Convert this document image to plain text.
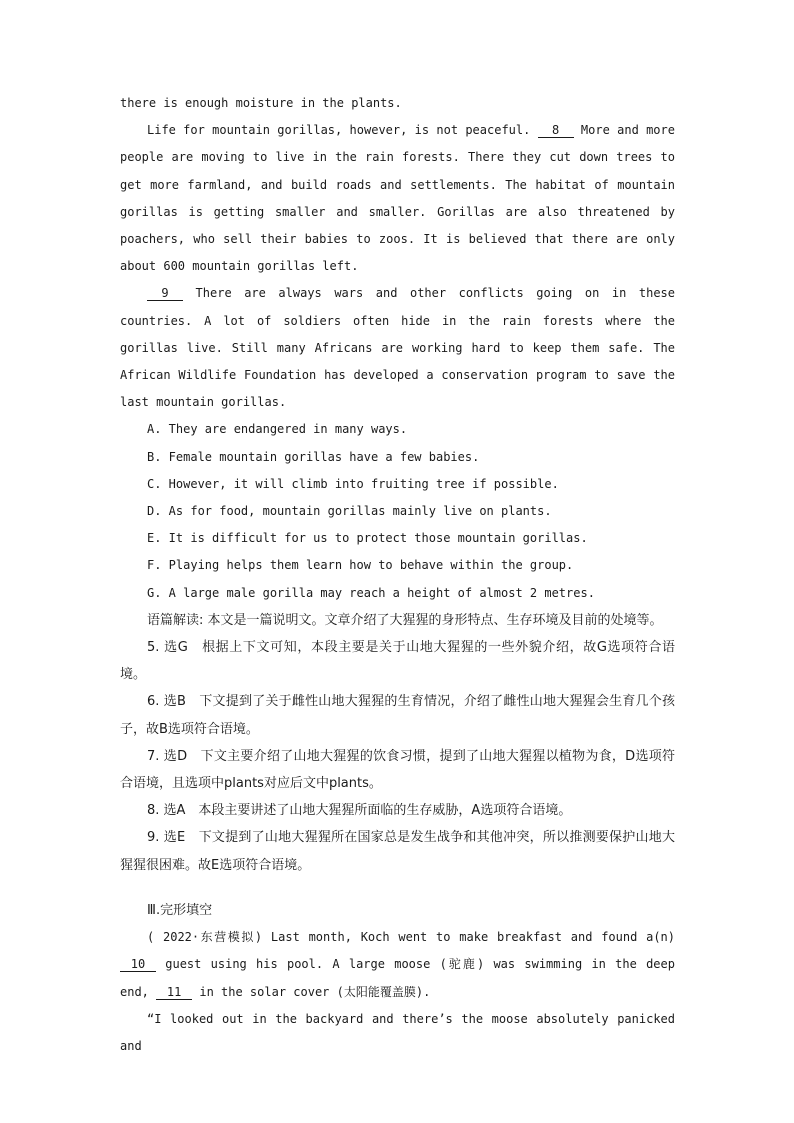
there is enough moisture in the plants.

Life for mountain gorillas, however, is not peaceful. 8 More and more people are moving to live in the rain forests. There they cut down trees to get more farmland, and build roads and settlements. The habitat of mountain gorillas is getting smaller and smaller. Gorillas are also threatened by poachers, who sell their babies to zoos. It is believed that there are only about 600 mountain gorillas left.

9 There are always wars and other conflicts going on in these countries. A lot of soldiers often hide in the rain forests where the gorillas live. Still many Africans are working hard to keep them safe. The African Wildlife Foundation has developed a conservation program to save the last mountain gorillas.

A. They are endangered in many ways.

B. Female mountain gorillas have a few babies.

C. However, it will climb into fruiting tree if possible.

D. As for food, mountain gorillas mainly live on plants.

E. It is difficult for us to protect those mountain gorillas.

F. Playing helps them learn how to behave within the group.

G. A large male gorilla may reach a height of almost 2 metres.

语篇解读: 本文是一篇说明文。文章介绍了大猩猩的身形特点、生存环境及目前的处境等。

5. 选G　根据上下文可知，本段主要是关于山地大猩猩的一些外貌介绍，故G选项符合语境。

6. 选B　下文提到了关于雌性山地大猩猩的生育情况，介绍了雌性山地大猩猩会生育几个孩子，故B选项符合语境。

7. 选D　下文主要介绍了山地大猩猩的饮食习惯，提到了山地大猩猩以植物为食，D选项符合语境，且选项中plants对应后文中plants。

8. 选A　本段主要讲述了山地大猩猩所面临的生存威胁，A选项符合语境。

9. 选E　下文提到了山地大猩猩所在国家总是发生战争和其他冲突，所以推测要保护山地大猩猩很困难。故E选项符合语境。

Ⅲ.完形填空

( 2022·东营模拟) Last month, Koch went to make breakfast and found a(n) 10 guest using his pool. A large moose (驼鹿) was swimming in the deep end, 11 in the solar cover (太阳能覆盖膜).

“I looked out in the backyard and there’s the moose absolutely panicked and
